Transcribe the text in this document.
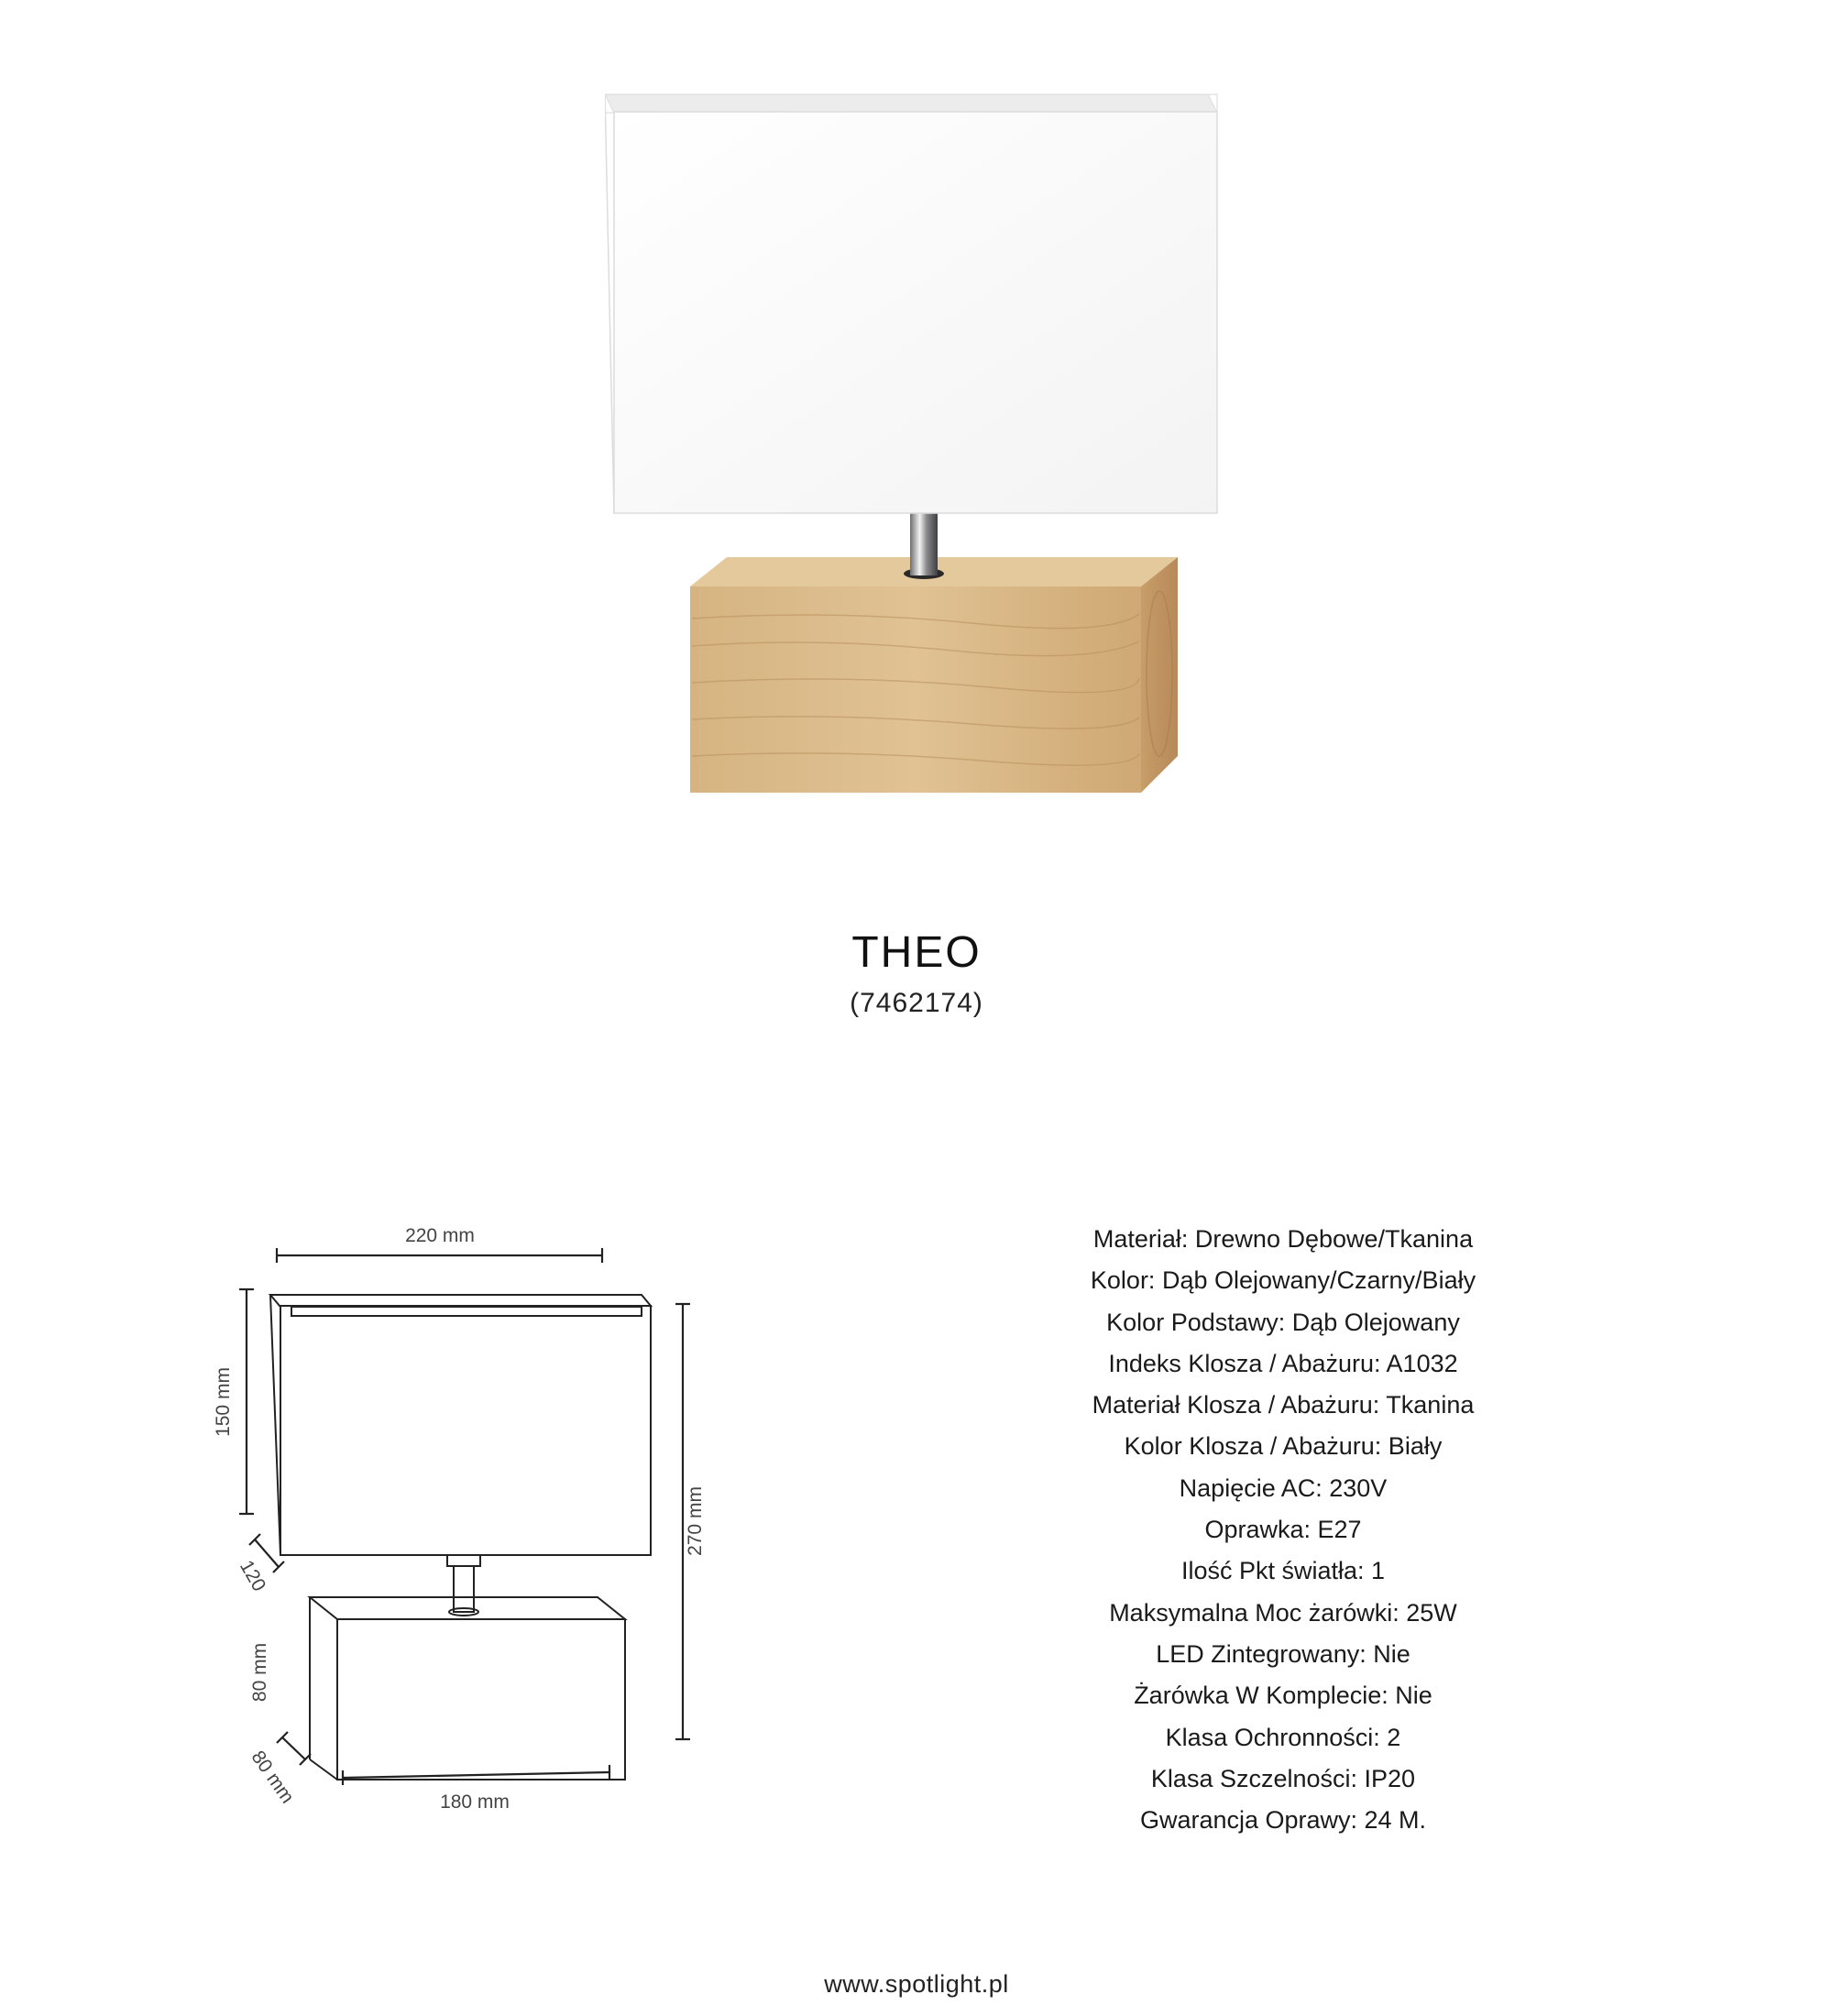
THEO
(7462174)
220 mm
150 mm
270 mm
120
80 mm
80 mm	180 mm
Materiał: Drewno Dębowe/Tkanina
Kolor: Dąb Olejowany/Czarny/Biały
Kolor Podstawy: Dąb Olejowany
Indeks Klosza / Abażuru: A1032
Materiał Klosza / Abażuru: Tkanina
Kolor Klosza / Abażuru: Biały
Napięcie AC: 230V
Oprawka: E27
Ilość Pkt światła: 1
Maksymalna Moc żarówki: 25W
LED Zintegrowany: Nie
Żarówka W Komplecie: Nie
Klasa Ochronności: 2
Klasa Szczelności: IP20
Gwarancja Oprawy: 24 M.
www.spotlight.pl
